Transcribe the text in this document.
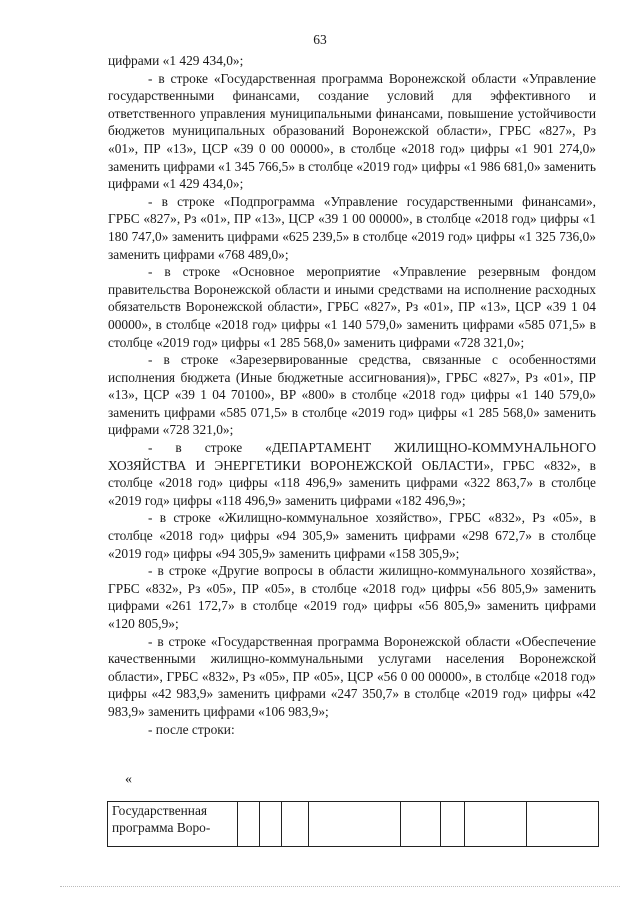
63

цифрами «1 429 434,0»;

- в строке «Государственная программа Воронежской области «Управление государственными финансами, создание условий для эффективного и ответственного управления муниципальными финансами, повышение устойчивости бюджетов муниципальных образований Воронежской области», ГРБС «827», Рз «01», ПР «13», ЦСР «39 0 00 00000», в столбце «2018 год» цифры «1 901 274,0» заменить цифрами «1 345 766,5» в столбце «2019 год» цифры «1 986 681,0» заменить цифрами «1 429 434,0»;

- в строке «Подпрограмма «Управление государственными финансами», ГРБС «827», Рз «01», ПР «13», ЦСР «39 1 00 00000», в столбце «2018 год» цифры «1 180 747,0» заменить цифрами «625 239,5» в столбце «2019 год» цифры «1 325 736,0» заменить цифрами «768 489,0»;

- в строке «Основное мероприятие «Управление резервным фондом правительства Воронежской области и иными средствами на исполнение расходных обязательств Воронежской области», ГРБС «827», Рз «01», ПР «13», ЦСР «39 1 04 00000», в столбце «2018 год» цифры «1 140 579,0» заменить цифрами «585 071,5» в столбце «2019 год» цифры «1 285 568,0» заменить цифрами «728 321,0»;

- в строке «Зарезервированные средства, связанные с особенностями исполнения бюджета (Иные бюджетные ассигнования)», ГРБС «827», Рз «01», ПР «13», ЦСР «39 1 04 70100», ВР «800» в столбце «2018 год» цифры «1 140 579,0» заменить цифрами «585 071,5» в столбце «2019 год» цифры «1 285 568,0» заменить цифрами «728 321,0»;

- в строке «ДЕПАРТАМЕНТ ЖИЛИЩНО-КОММУНАЛЬНОГО ХОЗЯЙСТВА И ЭНЕРГЕТИКИ ВОРОНЕЖСКОЙ ОБЛАСТИ», ГРБС «832», в столбце «2018 год» цифры «118 496,9» заменить цифрами «322 863,7» в столбце «2019 год» цифры «118 496,9» заменить цифрами «182 496,9»;

- в строке «Жилищно-коммунальное хозяйство», ГРБС «832», Рз «05», в столбце «2018 год» цифры «94 305,9» заменить цифрами «298 672,7» в столбце «2019 год» цифры «94 305,9» заменить цифрами «158 305,9»;

- в строке «Другие вопросы в области жилищно-коммунального хозяйства», ГРБС «832», Рз «05», ПР «05», в столбце «2018 год» цифры «56 805,9» заменить цифрами «261 172,7» в столбце «2019 год» цифры «56 805,9» заменить цифрами «120 805,9»;

- в строке «Государственная программа Воронежской области «Обеспечение качественными жилищно-коммунальными услугами населения Воронежской области», ГРБС «832», Рз «05», ПР «05», ЦСР «56 0 00 00000», в столбце «2018 год» цифры «42 983,9» заменить цифрами «247 350,7» в столбце «2019 год» цифры «42 983,9» заменить цифрами «106 983,9»;

- после строки:

«
Государственная программа Воро-								
